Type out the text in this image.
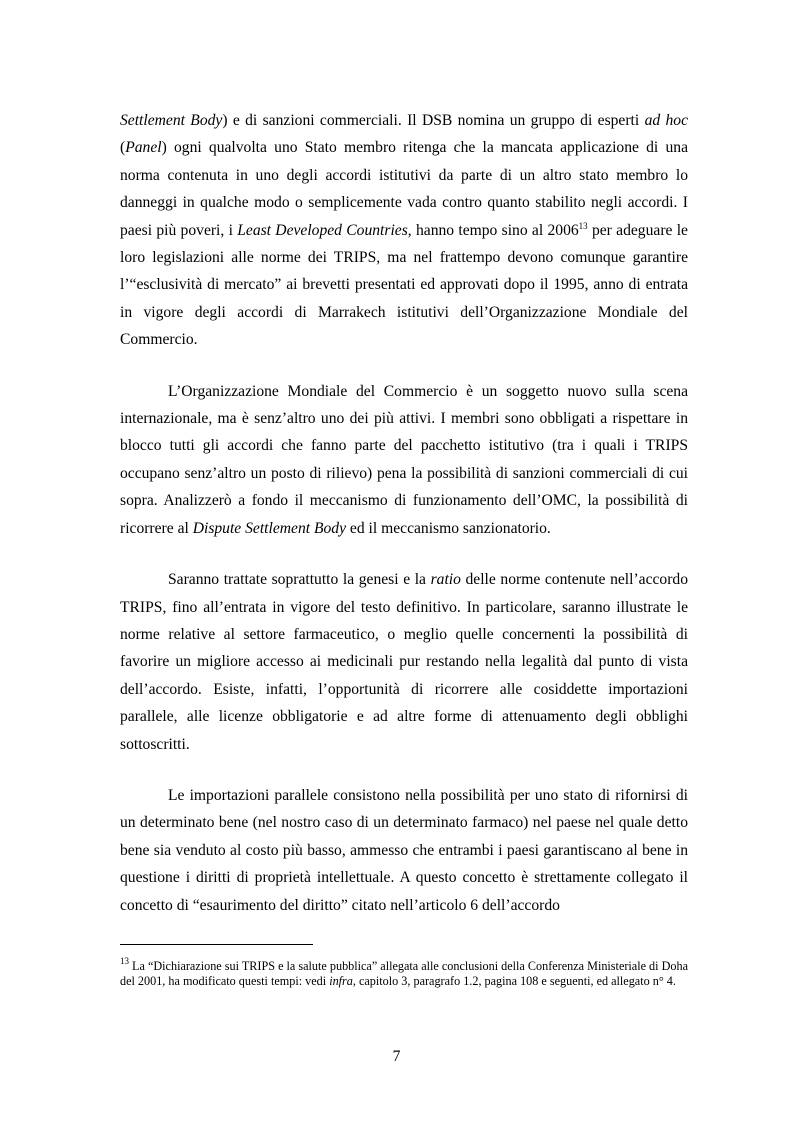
Settlement Body) e di sanzioni commerciali. Il DSB nomina un gruppo di esperti ad hoc (Panel) ogni qualvolta uno Stato membro ritenga che la mancata applicazione di una norma contenuta in uno degli accordi istitutivi da parte di un altro stato membro lo danneggi in qualche modo o semplicemente vada contro quanto stabilito negli accordi. I paesi più poveri, i Least Developed Countries, hanno tempo sino al 2006$^{13}$ per adeguare le loro legislazioni alle norme dei TRIPS, ma nel frattempo devono comunque garantire l’“esclusività di mercato” ai brevetti presentati ed approvati dopo il 1995, anno di entrata in vigore degli accordi di Marrakech istitutivi dell’Organizzazione Mondiale del Commercio.

L’Organizzazione Mondiale del Commercio è un soggetto nuovo sulla scena internazionale, ma è senz’altro uno dei più attivi. I membri sono obbligati a rispettare in blocco tutti gli accordi che fanno parte del pacchetto istitutivo (tra i quali i TRIPS occupano senz’altro un posto di rilievo) pena la possibilità di sanzioni commerciali di cui sopra. Analizzerò a fondo il meccanismo di funzionamento dell’OMC, la possibilità di ricorrere al Dispute Settlement Body ed il meccanismo sanzionatorio.

Saranno trattate soprattutto la genesi e la ratio delle norme contenute nell’accordo TRIPS, fino all’entrata in vigore del testo definitivo. In particolare, saranno illustrate le norme relative al settore farmaceutico, o meglio quelle concernenti la possibilità di favorire un migliore accesso ai medicinali pur restando nella legalità dal punto di vista dell’accordo. Esiste, infatti, l’opportunità di ricorrere alle cosiddette importazioni parallele, alle licenze obbligatorie e ad altre forme di attenuamento degli obblighi sottoscritti.

Le importazioni parallele consistono nella possibilità per uno stato di rifornirsi di un determinato bene (nel nostro caso di un determinato farmaco) nel paese nel quale detto bene sia venduto al costo più basso, ammesso che entrambi i paesi garantiscano al bene in questione i diritti di proprietà intellettuale. A questo concetto è strettamente collegato il concetto di “esaurimento del diritto” citato nell’articolo 6 dell’accordo

$^{13}$ La “Dichiarazione sui TRIPS e la salute pubblica” allegata alle conclusioni della Conferenza Ministeriale di Doha del 2001, ha modificato questi tempi: vedi infra, capitolo 3, paragrafo 1.2, pagina 108 e seguenti, ed allegato n° 4.

7
